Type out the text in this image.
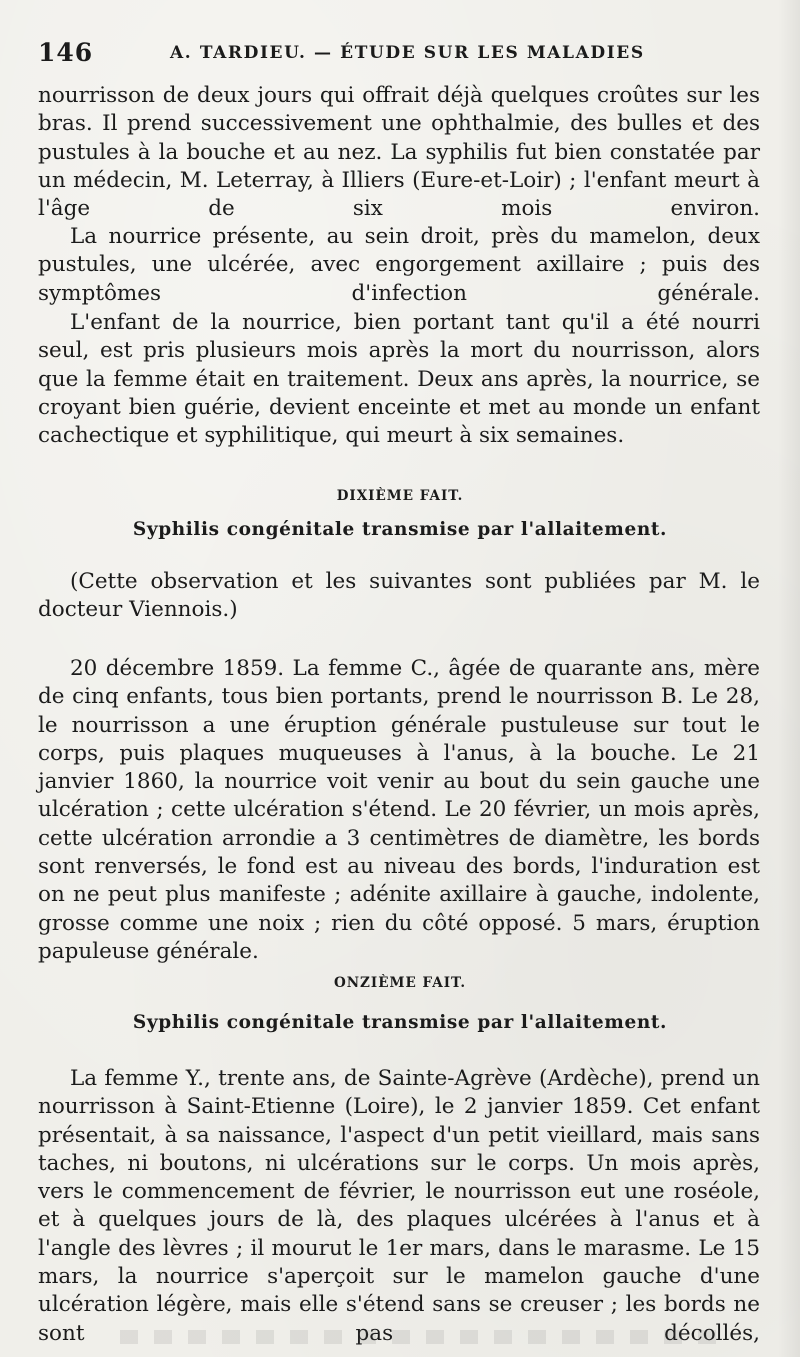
146	A. TARDIEU. — ÉTUDE SUR LES MALADIES
nourrisson de deux jours qui offrait déjà quelques croûtes sur les bras. Il prend successivement une ophthalmie, des bulles et des pustules à la bouche et au nez. La syphilis fut bien constatée par un médecin, M. Leterray, à Illiers (Eure-et-Loir) ; l'enfant meurt à l'âge de six mois environ.
La nourrice présente, au sein droit, près du mamelon, deux pustules, une ulcérée, avec engorgement axillaire ; puis des symptômes d'infection générale.
L'enfant de la nourrice, bien portant tant qu'il a été nourri seul, est pris plusieurs mois après la mort du nourrisson, alors que la femme était en traitement. Deux ans après, la nourrice, se croyant bien guérie, devient enceinte et met au monde un enfant cachectique et syphilitique, qui meurt à six semaines.
DIXIÈME FAIT.
Syphilis congénitale transmise par l'allaitement.
(Cette observation et les suivantes sont publiées par M. le docteur Viennois.)
20 décembre 1859. La femme C., âgée de quarante ans, mère de cinq enfants, tous bien portants, prend le nourrisson B. Le 28, le nourrisson a une éruption générale pustuleuse sur tout le corps, puis plaques muqueuses à l'anus, à la bouche. Le 21 janvier 1860, la nourrice voit venir au bout du sein gauche une ulcération ; cette ulcération s'étend. Le 20 février, un mois après, cette ulcération arrondie a 3 centimètres de diamètre, les bords sont renversés, le fond est au niveau des bords, l'induration est on ne peut plus manifeste ; adénite axillaire à gauche, indolente, grosse comme une noix ; rien du côté opposé. 5 mars, éruption papuleuse générale.
ONZIÈME FAIT.
Syphilis congénitale transmise par l'allaitement.
La femme Y., trente ans, de Sainte-Agrève (Ardèche), prend un nourrisson à Saint-Etienne (Loire), le 2 janvier 1859. Cet enfant présentait, à sa naissance, l'aspect d'un petit vieillard, mais sans taches, ni boutons, ni ulcérations sur le corps. Un mois après, vers le commencement de février, le nourrisson eut une roséole, et à quelques jours de là, des plaques ulcérées à l'anus et à l'angle des lèvres ; il mourut le 1er mars, dans le marasme. Le 15 mars, la nourrice s'aperçoit sur le mamelon gauche d'une ulcération légère, mais elle s'étend sans se creuser ; les bords ne sont pas décollés,
